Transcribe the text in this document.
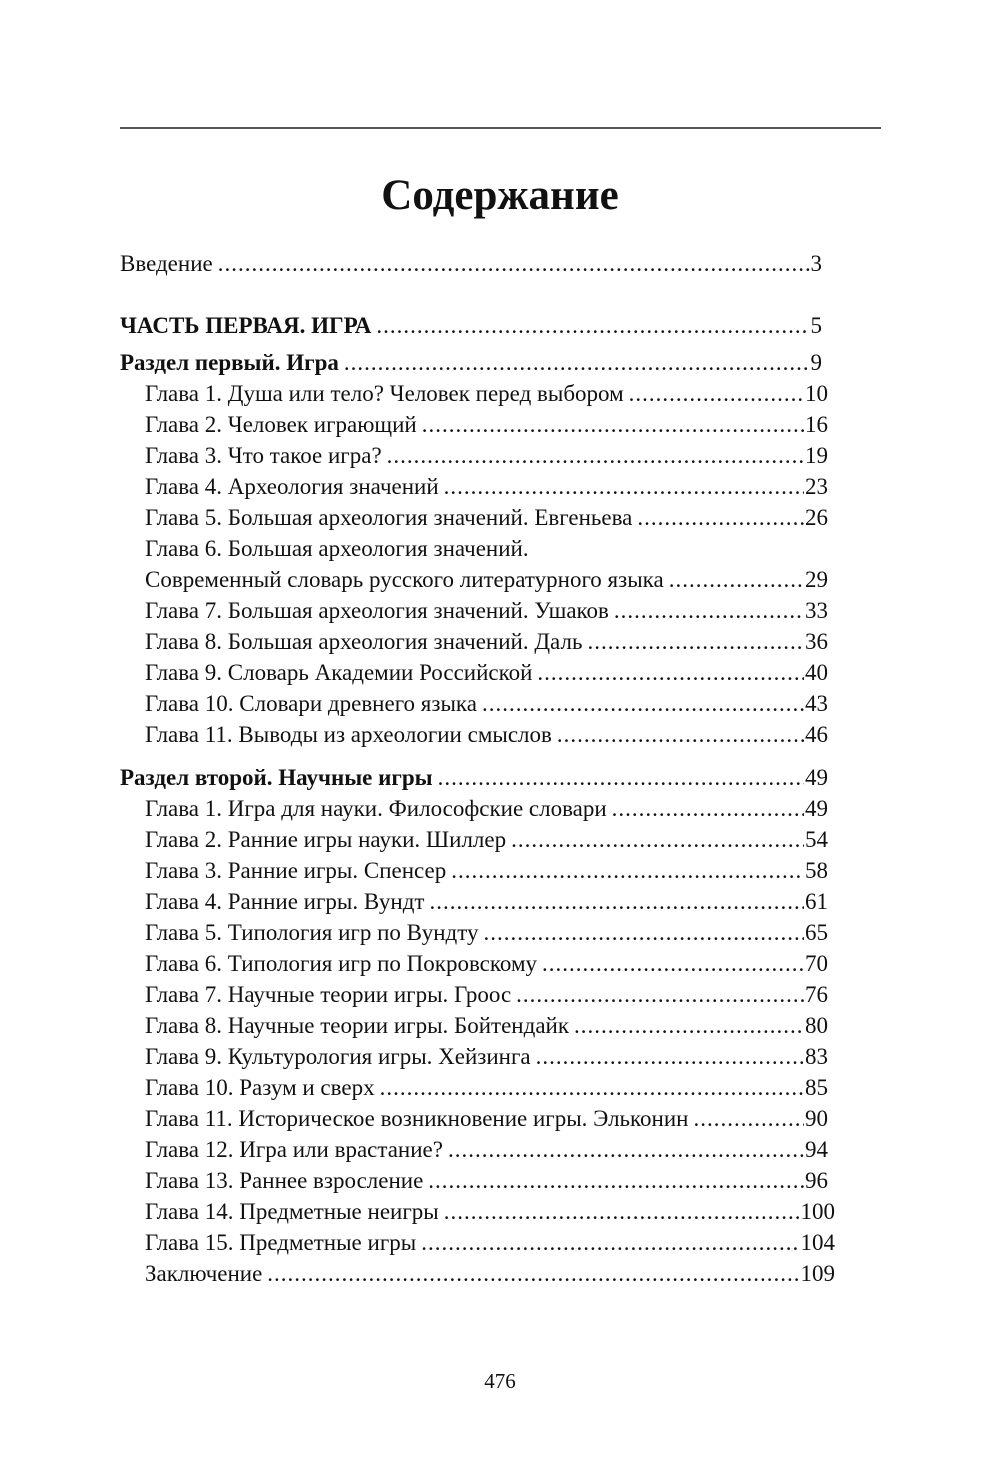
Содержание
Введение .....	3
ЧАСТЬ ПЕРВАЯ. ИГРА .....	5
Раздел первый. Игра .....	9
Глава 1. Душа или тело? Человек перед выбором .....	10
Глава 2. Человек играющий .....	16
Глава 3. Что такое игра? .....	19
Глава 4. Археология значений .....	23
Глава 5. Большая археология значений. Евгеньева .....	26
Глава 6. Большая археология значений.
Современный словарь русского литературного языка .....	29
Глава 7. Большая археология значений. Ушаков .....	33
Глава 8. Большая археология значений. Даль .....	36
Глава 9. Словарь Академии Российской .....	40
Глава 10. Словари древнего языка .....	43
Глава 11. Выводы из археологии смыслов .....	46
Раздел второй. Научные игры .....	49
Глава 1. Игра для науки. Философские словари .....	49
Глава 2. Ранние игры науки. Шиллер .....	54
Глава 3. Ранние игры. Спенсер .....	58
Глава 4. Ранние игры. Вундт .....	61
Глава 5. Типология игр по Вундту .....	65
Глава 6. Типология игр по Покровскому .....	70
Глава 7. Научные теории игры. Гроос .....	76
Глава 8. Научные теории игры. Бойтендайк .....	80
Глава 9. Культурология игры. Хейзинга .....	83
Глава 10. Разум и сверх .....	85
Глава 11. Историческое возникновение игры. Эльконин .....	90
Глава 12. Игра или врастание? .....	94
Глава 13. Раннее взросление .....	96
Глава 14. Предметные неигры .....	100
Глава 15. Предметные игры .....	104
Заключение .....	109
476
